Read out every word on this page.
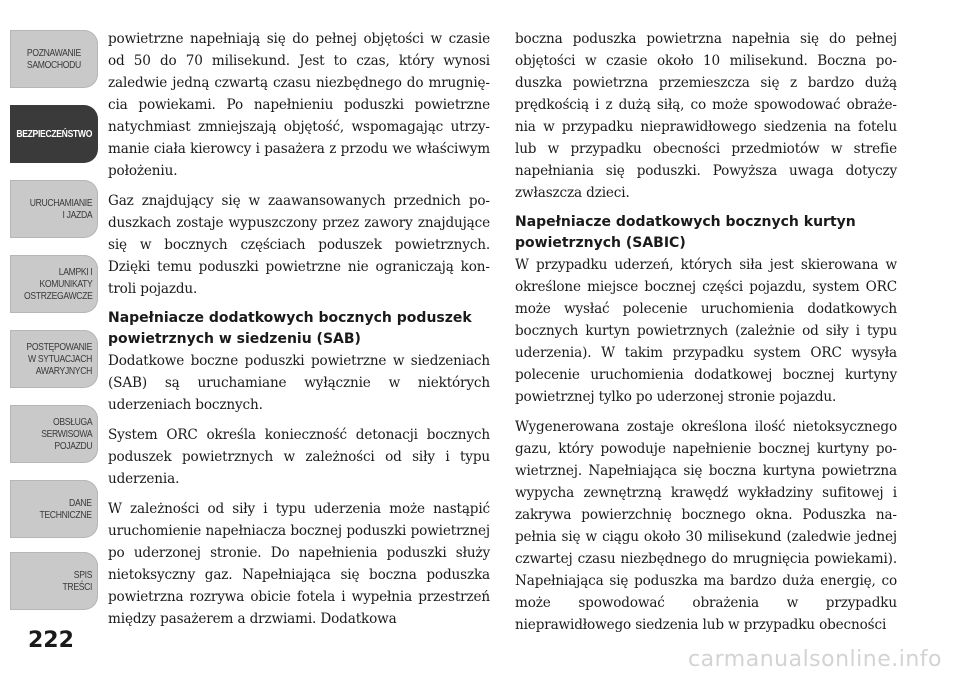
POZNAWANIE
SAMOCHODU
BEZPIECZEŃSTWO
URUCHAMIANIE
I JAZDA
LAMPKI I
KOMUNIKATY
OSTRZEGAWCZE
POSTĘPOWANIE
W SYTUACJACH
AWARYJNYCH
OBSŁUGA
SERWISOWA
POJAZDU
DANE
TECHNICZNE
SPIS
TREŚCI
222

powietrzne napełniają się do pełnej objętości w czasie od 50 do 70 milisekund. Jest to czas, który wynosi zaledwie jedną czwartą czasu niezbędnego do mrugnięcia powiekami. Po napełnieniu poduszki powietrzne natychmiast zmniejszają objętość, wspomagając utrzymanie ciała kierowcy i pasażera z przodu we właściwym położeniu.

Gaz znajdujący się w zaawansowanych przednich poduszkach zostaje wypuszczony przez zawory znajdujące się w bocznych częściach poduszek powietrznych. Dzięki temu poduszki powietrzne nie ograniczają kontroli pojazdu.

Napełniacze dodatkowych bocznych poduszek powietrznych w siedzeniu (SAB)

Dodatkowe boczne poduszki powietrzne w siedzeniach (SAB) są uruchamiane wyłącznie w niektórych uderzeniach bocznych.

System ORC określa konieczność detonacji bocznych poduszek powietrznych w zależności od siły i typu uderzenia.

W zależności od siły i typu uderzenia może nastąpić uruchomienie napełniacza bocznej poduszki powietrznej po uderzonej stronie. Do napełnienia poduszki służy nietoksyczny gaz. Napełniająca się boczna poduszka powietrzna rozrywa obicie fotela i wypełnia przestrzeń między pasażerem a drzwiami. Dodatkowa

boczna poduszka powietrzna napełnia się do pełnej objętości w czasie około 10 milisekund. Boczna poduszka powietrzna przemieszcza się z bardzo dużą prędkością i z dużą siłą, co może spowodować obrażenia w przypadku nieprawidłowego siedzenia na fotelu lub w przypadku obecności przedmiotów w strefie napełniania się poduszki. Powyższa uwaga dotyczy zwłaszcza dzieci.

Napełniacze dodatkowych bocznych kurtyn powietrznych (SABIC)

W przypadku uderzeń, których siła jest skierowana w określone miejsce bocznej części pojazdu, system ORC może wysłać polecenie uruchomienia dodatkowych bocznych kurtyn powietrznych (zależnie od siły i typu uderzenia). W takim przypadku system ORC wysyła polecenie uruchomienia dodatkowej bocznej kurtyny powietrznej tylko po uderzonej stronie pojazdu.

Wygenerowana zostaje określona ilość nietoksycznego gazu, który powoduje napełnienie bocznej kurtyny powietrznej. Napełniająca się boczna kurtyna powietrzna wypycha zewnętrzną krawędź wykładziny sufitowej i zakrywa powierzchnię bocznego okna. Poduszka napełnia się w ciągu około 30 milisekund (zaledwie jednej czwartej czasu niezbędnego do mrugnięcia powiekami). Napełniająca się poduszka ma bardzo duża energię, co może spowodować obrażenia w przypadku nieprawidłowego siedzenia lub w przypadku obecności

carmanualsonline.info
